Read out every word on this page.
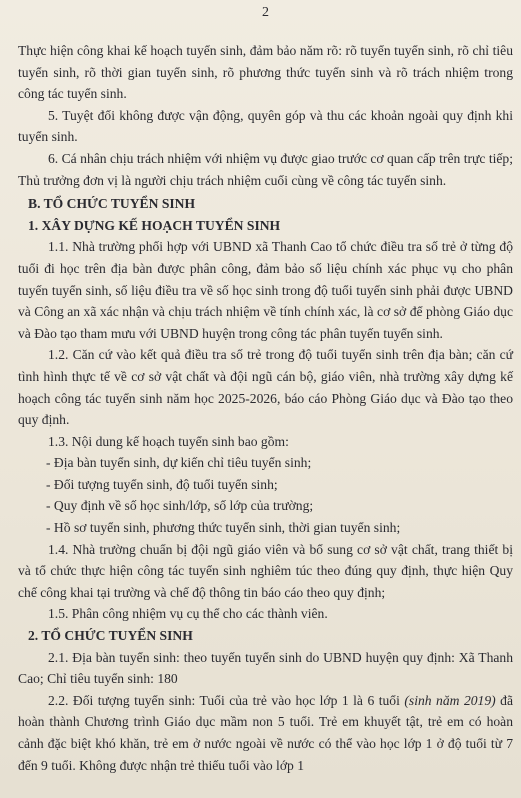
2

Thực hiện công khai kế hoạch tuyển sinh, đảm bảo năm rõ: rõ tuyển tuyển sinh, rõ chỉ tiêu tuyển sinh, rõ thời gian tuyển sinh, rõ phương thức tuyển sinh và rõ trách nhiệm trong công tác tuyển sinh.

5. Tuyệt đối không được vận động, quyên góp và thu các khoản ngoài quy định khi tuyển sinh.

6. Cá nhân chịu trách nhiệm với nhiệm vụ được giao trước cơ quan cấp trên trực tiếp; Thủ trưởng đơn vị là người chịu trách nhiệm cuối cùng về công tác tuyển sinh.

B. TỔ CHỨC TUYỂN SINH

1. XÂY DỰNG KẾ HOẠCH TUYỂN SINH

1.1. Nhà trường phối hợp với UBND xã Thanh Cao tổ chức điều tra số trẻ ở từng độ tuổi đi học trên địa bàn được phân công, đảm bảo số liệu chính xác phục vụ cho phân tuyến tuyển sinh, số liệu điều tra về số học sinh trong độ tuổi tuyển sinh phải được UBND và Công an xã xác nhận và chịu trách nhiệm về tính chính xác, là cơ sở để phòng Giáo dục và Đào tạo tham mưu với UBND huyện trong công tác phân tuyến tuyển sinh.

1.2. Căn cứ vào kết quả điều tra số trẻ trong độ tuổi tuyển sinh trên địa bàn; căn cứ tình hình thực tế về cơ sở vật chất và đội ngũ cán bộ, giáo viên, nhà trường xây dựng kế hoạch công tác tuyển sinh năm học 2025-2026, báo cáo Phòng Giáo dục và Đào tạo theo quy định.

1.3. Nội dung kế hoạch tuyển sinh bao gồm:

- Địa bàn tuyển sinh, dự kiến chỉ tiêu tuyển sinh;

- Đối tượng tuyển sinh, độ tuổi tuyển sinh;

- Quy định về số học sinh/lớp, số lớp của trường;

- Hồ sơ tuyển sinh, phương thức tuyển sinh, thời gian tuyển sinh;

1.4. Nhà trường chuẩn bị đội ngũ giáo viên và bổ sung cơ sở vật chất, trang thiết bị và tổ chức thực hiện công tác tuyển sinh nghiêm túc theo đúng quy định, thực hiện Quy chế công khai tại trường và chế độ thông tin báo cáo theo quy định;

1.5. Phân công nhiệm vụ cụ thể cho các thành viên.

2. TỔ CHỨC TUYỂN SINH

2.1. Địa bàn tuyển sinh: theo tuyến tuyển sinh do UBND huyện quy định: Xã Thanh Cao; Chỉ tiêu tuyển sinh: 180

2.2. Đối tượng tuyển sinh: Tuổi của trẻ vào học lớp 1 là 6 tuổi (sinh năm 2019) đã hoàn thành Chương trình Giáo dục mầm non 5 tuổi. Trẻ em khuyết tật, trẻ em có hoàn cảnh đặc biệt khó khăn, trẻ em ở nước ngoài về nước có thể vào học lớp 1 ở độ tuổi từ 7 đến 9 tuổi. Không được nhận trẻ thiếu tuổi vào lớp 1
